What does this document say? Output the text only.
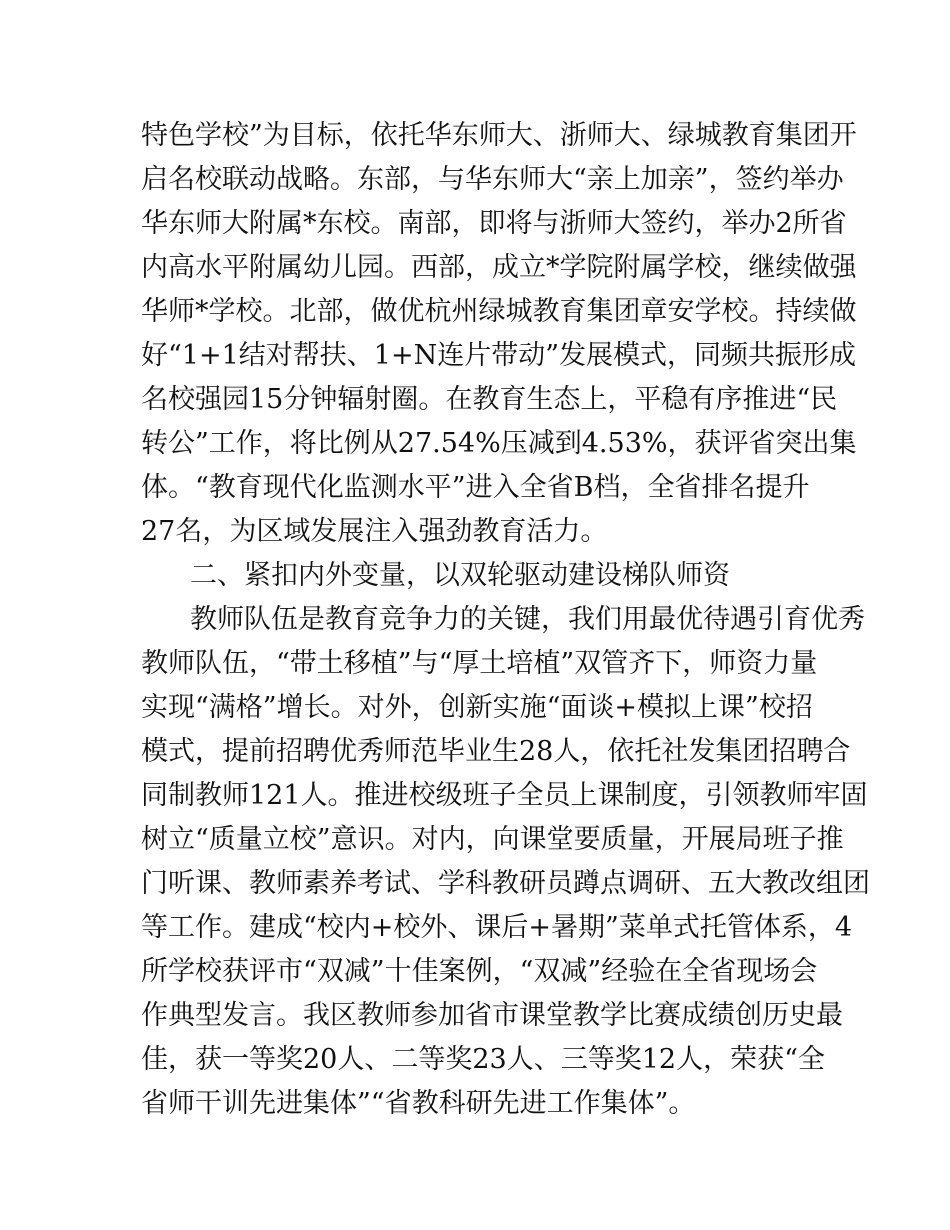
特色学校”为目标，依托华东师大、浙师大、绿城教育集团开
启名校联动战略。东部，与华东师大“亲上加亲”，签约举办
华东师大附属*东校。南部，即将与浙师大签约，举办2所省
内高水平附属幼儿园。西部，成立*学院附属学校，继续做强
华师*学校。北部，做优杭州绿城教育集团章安学校。持续做
好“1+1结对帮扶、1+N连片带动”发展模式，同频共振形成
名校强园15分钟辐射圈。在教育生态上，平稳有序推进“民
转公”工作，将比例从27.54%压减到4.53%，获评省突出集
体。“教育现代化监测水平”进入全省B档，全省排名提升
27名，为区域发展注入强劲教育活力。
二、紧扣内外变量，以双轮驱动建设梯队师资
教师队伍是教育竞争力的关键，我们用最优待遇引育优秀
教师队伍，“带土移植”与“厚土培植”双管齐下，师资力量
实现“满格”增长。对外，创新实施“面谈+模拟上课”校招
模式，提前招聘优秀师范毕业生28人，依托社发集团招聘合
同制教师121人。推进校级班子全员上课制度，引领教师牢固
树立“质量立校”意识。对内，向课堂要质量，开展局班子推
门听课、教师素养考试、学科教研员蹲点调研、五大教改组团
等工作。建成“校内+校外、课后+暑期”菜单式托管体系，4
所学校获评市“双减”十佳案例，“双减”经验在全省现场会
作典型发言。我区教师参加省市课堂教学比赛成绩创历史最
佳，获一等奖20人、二等奖23人、三等奖12人，荣获“全
省师干训先进集体”“省教科研先进工作集体”。
